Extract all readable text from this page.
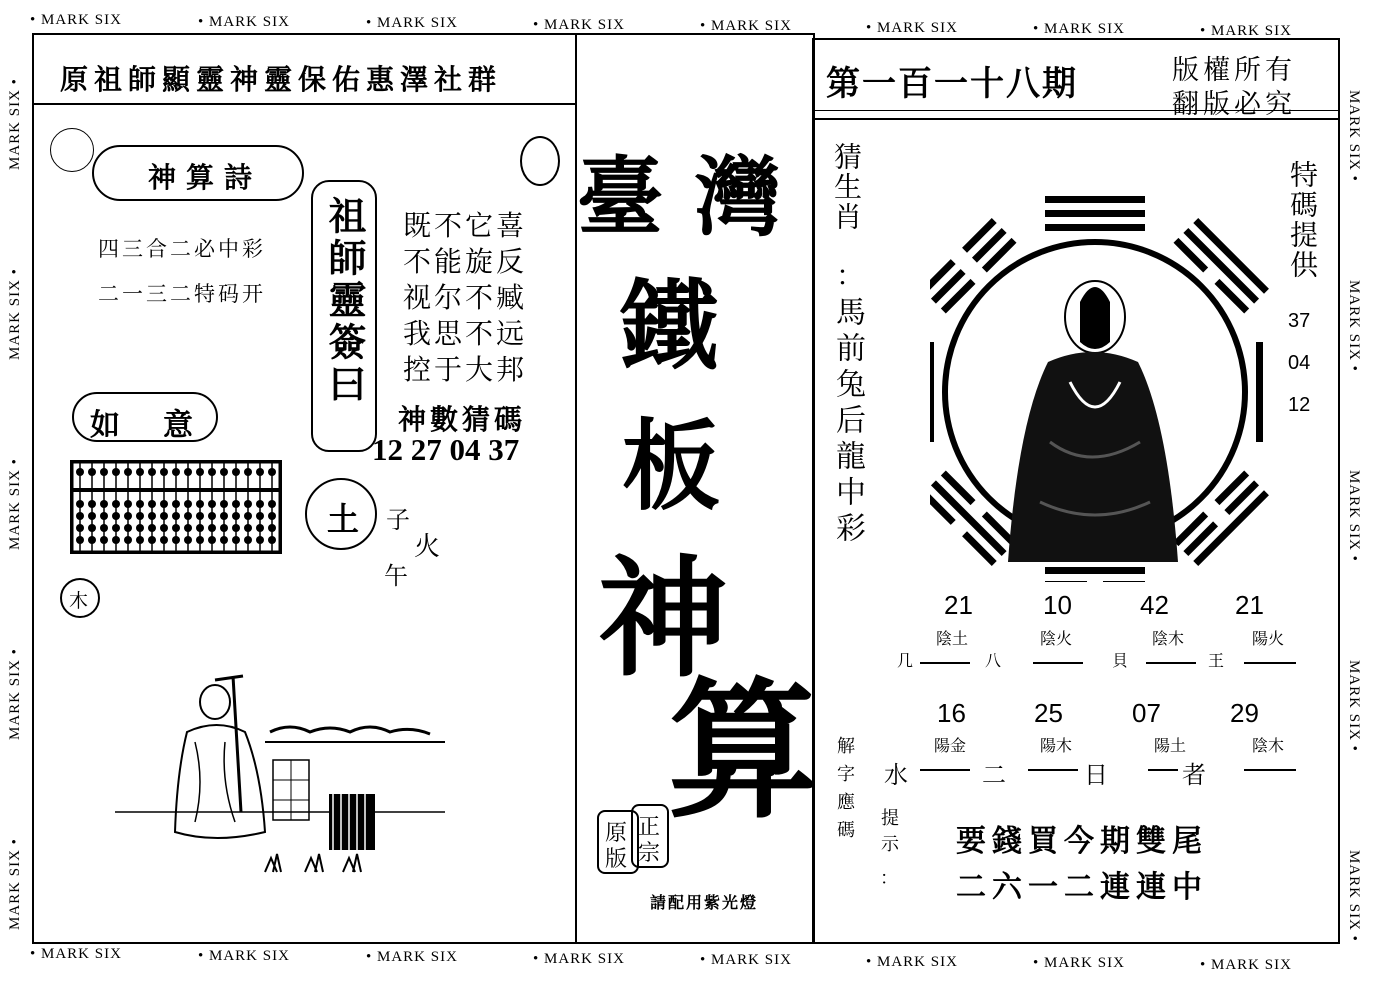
• MARK SIX	• MARK SIX	• MARK SIX	• MARK SIX	• MARK SIX	• MARK SIX	• MARK SIX	• MARK SIX
• MARK SIX	• MARK SIX	• MARK SIX	• MARK SIX	• MARK SIX	• MARK SIX	• MARK SIX	• MARK SIX
MARK SIX •
MARK SIX •
MARK SIX •
MARK SIX •
MARK SIX •
MARK SIX •
MARK SIX •
MARK SIX •
MARK SIX •
MARK SIX •
原祖師顯靈神靈保佑惠澤社群
神算詩
四三合二必中彩
二一三二特码开 祖師靈簽曰 既不它喜
不能旋反
视尔不臧
我思不远
控于大邦
神數猜碼
12 27 04 37
如 意
土 子
火
午
木
臺 灣
鐵
板
神
算
原 正
版 宗
請配用紫光燈
第一百一十八期	版權所有
翻版必究
猜生肖
：
馬前兔后龍中彩
特碼提供
37
04
12
21	10	42	21
陰土	陰火	陰木	陽火
几	八	貝	王
16	25	07	29
陽金	陽木	陽土	陰木
水	二	日	者
解字應碼 提示
：
要錢買今期雙尾
二六一二連連中
